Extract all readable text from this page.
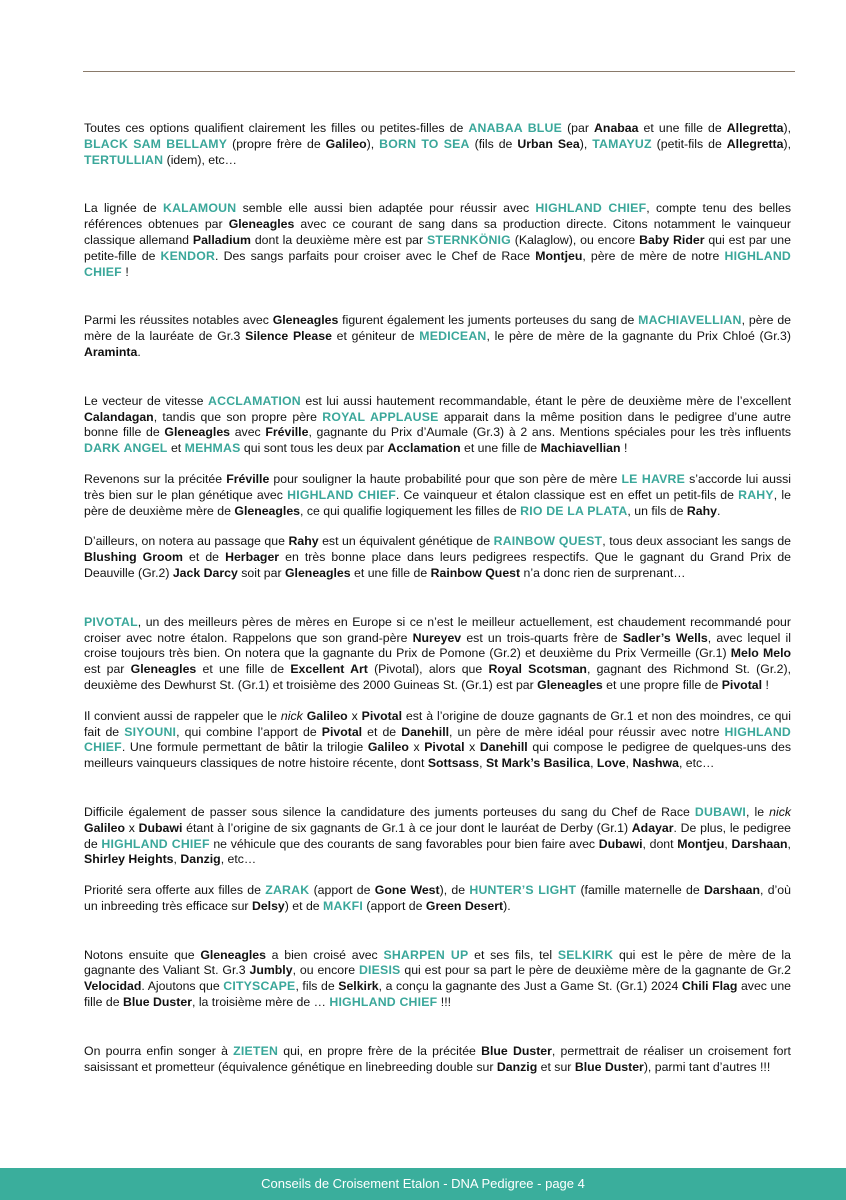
Toutes ces options qualifient clairement les filles ou petites-filles de ANABAA BLUE (par Anabaa et une fille de Allegretta), BLACK SAM BELLAMY (propre frère de Galileo), BORN TO SEA (fils de Urban Sea), TAMAYUZ (petit-fils de Allegretta), TERTULLIAN (idem), etc…

La lignée de KALAMOUN semble elle aussi bien adaptée pour réussir avec HIGHLAND CHIEF, compte tenu des belles références obtenues par Gleneagles avec ce courant de sang dans sa production directe. Citons notamment le vainqueur classique allemand Palladium dont la deuxième mère est par STERNKÖNIG (Kalaglow), ou encore Baby Rider qui est par une petite-fille de KENDOR. Des sangs parfaits pour croiser avec le Chef de Race Montjeu, père de mère de notre HIGHLAND CHIEF !

Parmi les réussites notables avec Gleneagles figurent également les juments porteuses du sang de MACHIAVELLIAN, père de mère de la lauréate de Gr.3 Silence Please et géniteur de MEDICEAN, le père de mère de la gagnante du Prix Chloé (Gr.3) Araminta.

Le vecteur de vitesse ACCLAMATION est lui aussi hautement recommandable, étant le père de deuxième mère de l’excellent Calandagan, tandis que son propre père ROYAL APPLAUSE apparait dans la même position dans le pedigree d’une autre bonne fille de Gleneagles avec Fréville, gagnante du Prix d’Aumale (Gr.3) à 2 ans. Mentions spéciales pour les très influents DARK ANGEL et MEHMAS qui sont tous les deux par Acclamation et une fille de Machiavellian !

Revenons sur la précitée Fréville pour souligner la haute probabilité pour que son père de mère LE HAVRE s’accorde lui aussi très bien sur le plan génétique avec HIGHLAND CHIEF. Ce vainqueur et étalon classique est en effet un petit-fils de RAHY, le père de deuxième mère de Gleneagles, ce qui qualifie logiquement les filles de RIO DE LA PLATA, un fils de Rahy.

D’ailleurs, on notera au passage que Rahy est un équivalent génétique de RAINBOW QUEST, tous deux associant les sangs de Blushing Groom et de Herbager en très bonne place dans leurs pedigrees respectifs. Que le gagnant du Grand Prix de Deauville (Gr.2) Jack Darcy soit par Gleneagles et une fille de Rainbow Quest n’a donc rien de surprenant…

PIVOTAL, un des meilleurs pères de mères en Europe si ce n’est le meilleur actuellement, est chaudement recommandé pour croiser avec notre étalon. Rappelons que son grand-père Nureyev est un trois-quarts frère de Sadler’s Wells, avec lequel il croise toujours très bien. On notera que la gagnante du Prix de Pomone (Gr.2) et deuxième du Prix Vermeille (Gr.1) Melo Melo est par Gleneagles et une fille de Excellent Art (Pivotal), alors que Royal Scotsman, gagnant des Richmond St. (Gr.2), deuxième des Dewhurst St. (Gr.1) et troisième des 2000 Guineas St. (Gr.1) est par Gleneagles et une propre fille de Pivotal !

Il convient aussi de rappeler que le nick Galileo x Pivotal est à l’origine de douze gagnants de Gr.1 et non des moindres, ce qui fait de SIYOUNI, qui combine l’apport de Pivotal et de Danehill, un père de mère idéal pour réussir avec notre HIGHLAND CHIEF. Une formule permettant de bâtir la trilogie Galileo x Pivotal x Danehill qui compose le pedigree de quelques-uns des meilleurs vainqueurs classiques de notre histoire récente, dont Sottsass, St Mark’s Basilica, Love, Nashwa, etc…

Difficile également de passer sous silence la candidature des juments porteuses du sang du Chef de Race DUBAWI, le nick Galileo x Dubawi étant à l’origine de six gagnants de Gr.1 à ce jour dont le lauréat de Derby (Gr.1) Adayar. De plus, le pedigree de HIGHLAND CHIEF ne véhicule que des courants de sang favorables pour bien faire avec Dubawi, dont Montjeu, Darshaan, Shirley Heights, Danzig, etc…

Priorité sera offerte aux filles de ZARAK (apport de Gone West), de HUNTER’S LIGHT (famille maternelle de Darshaan, d’où un inbreeding très efficace sur Delsy) et de MAKFI (apport de Green Desert).

Notons ensuite que Gleneagles a bien croisé avec SHARPEN UP et ses fils, tel SELKIRK qui est le père de mère de la gagnante des Valiant St. Gr.3 Jumbly, ou encore DIESIS qui est pour sa part le père de deuxième mère de la gagnante de Gr.2 Velocidad. Ajoutons que CITYSCAPE, fils de Selkirk, a conçu la gagnante des Just a Game St. (Gr.1) 2024 Chili Flag avec une fille de Blue Duster, la troisième mère de … HIGHLAND CHIEF !!!

On pourra enfin songer à ZIETEN qui, en propre frère de la précitée Blue Duster, permettrait de réaliser un croisement fort saisissant et prometteur (équivalence génétique en linebreeding double sur Danzig et sur Blue Duster), parmi tant d’autres !!!

Conseils de Croisement Etalon - DNA Pedigree - page 4
